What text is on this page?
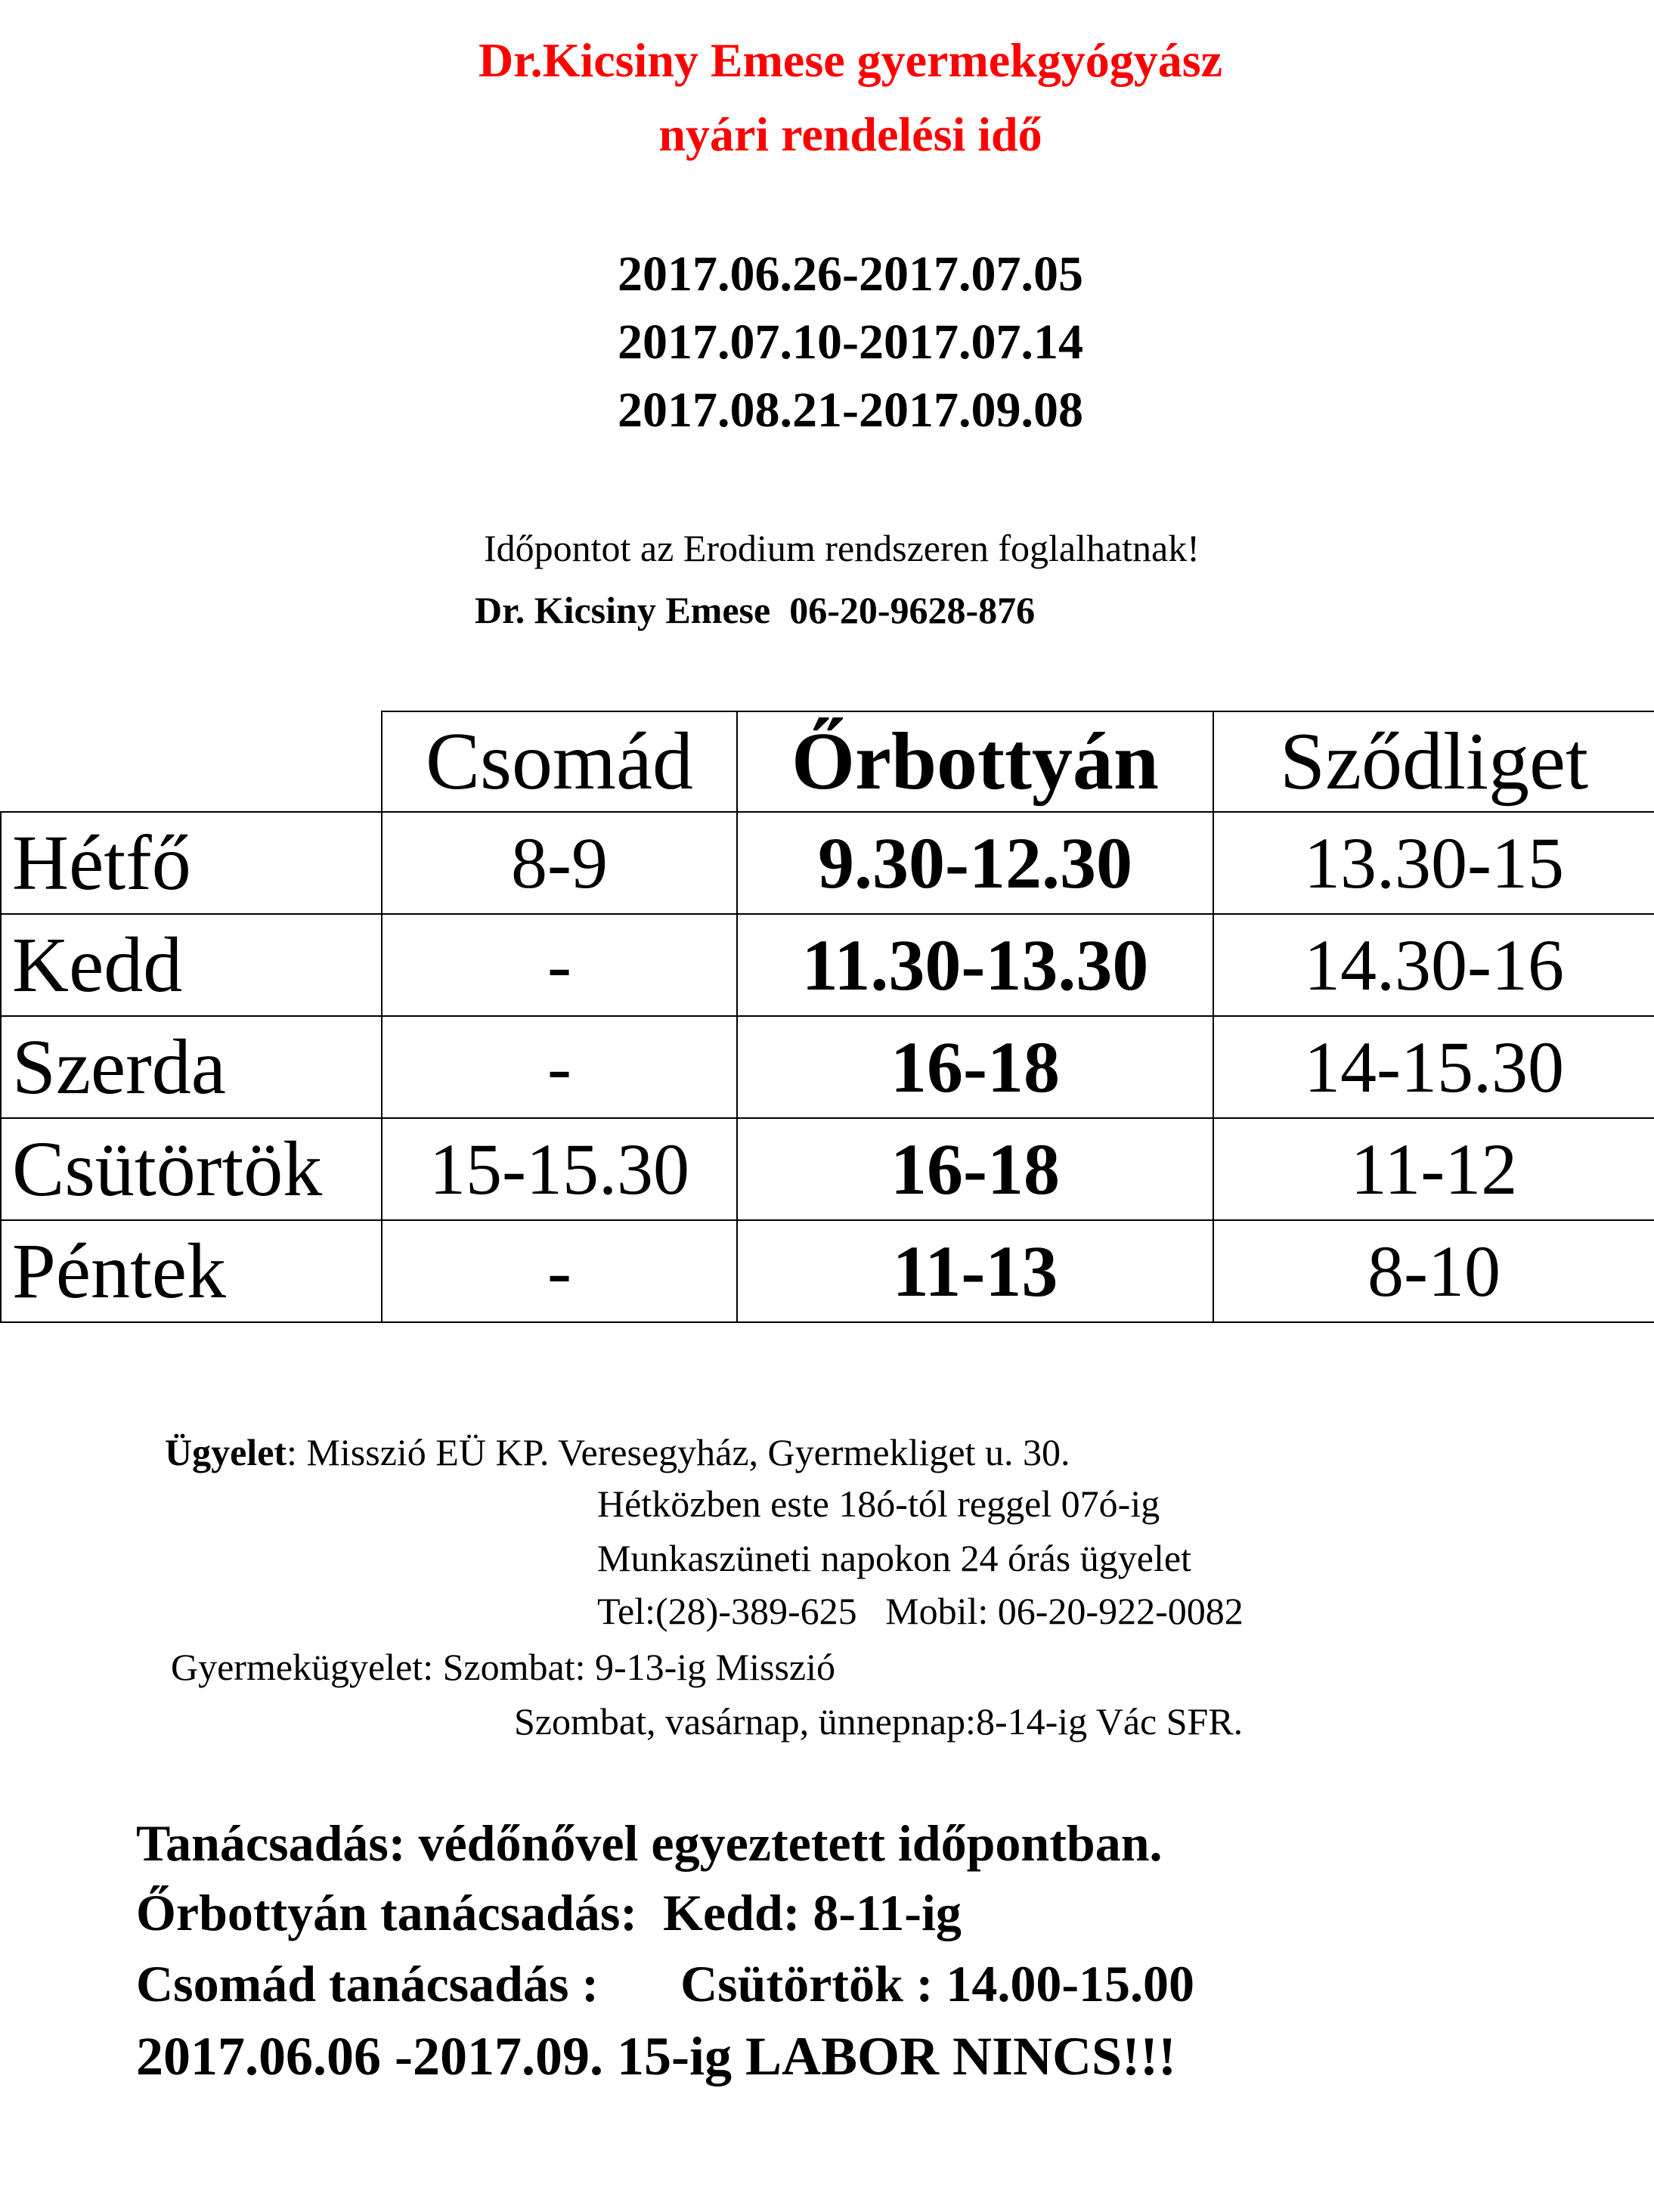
Dr.Kicsiny Emese gyermekgyógyász
nyári rendelési idő
2017.06.26-2017.07.05
2017.07.10-2017.07.14
2017.08.21-2017.09.08
Időpontot az Erodium rendszeren foglalhatnak!
Dr. Kicsiny Emese 06-20-9628-876
	Csomád	Őrbottyán	Sződliget
Hétfő	8-9	9.30-12.30	13.30-15
Kedd	-	11.30-13.30	14.30-16
Szerda	-	16-18	14-15.30
Csütörtök	15-15.30	16-18	11-12
Péntek	-	11-13	8-10
Ügyelet: Misszió EÜ KP. Veresegyház, Gyermekliget u. 30.
Hétközben este 18ó-tól reggel 07ó-ig
Munkaszüneti napokon 24 órás ügyelet
Tel:(28)-389-625 Mobil: 06-20-922-0082
Gyermekügyelet: Szombat: 9-13-ig Misszió
Szombat, vasárnap, ünnepnap:8-14-ig Vác SFR.
Tanácsadás: védőnővel egyeztetett időpontban.
Őrbottyán tanácsadás: Kedd: 8-11-ig
Csomád tanácsadás : Csütörtök : 14.00-15.00
2017.06.06 -2017.09. 15-ig LABOR NINCS!!!
